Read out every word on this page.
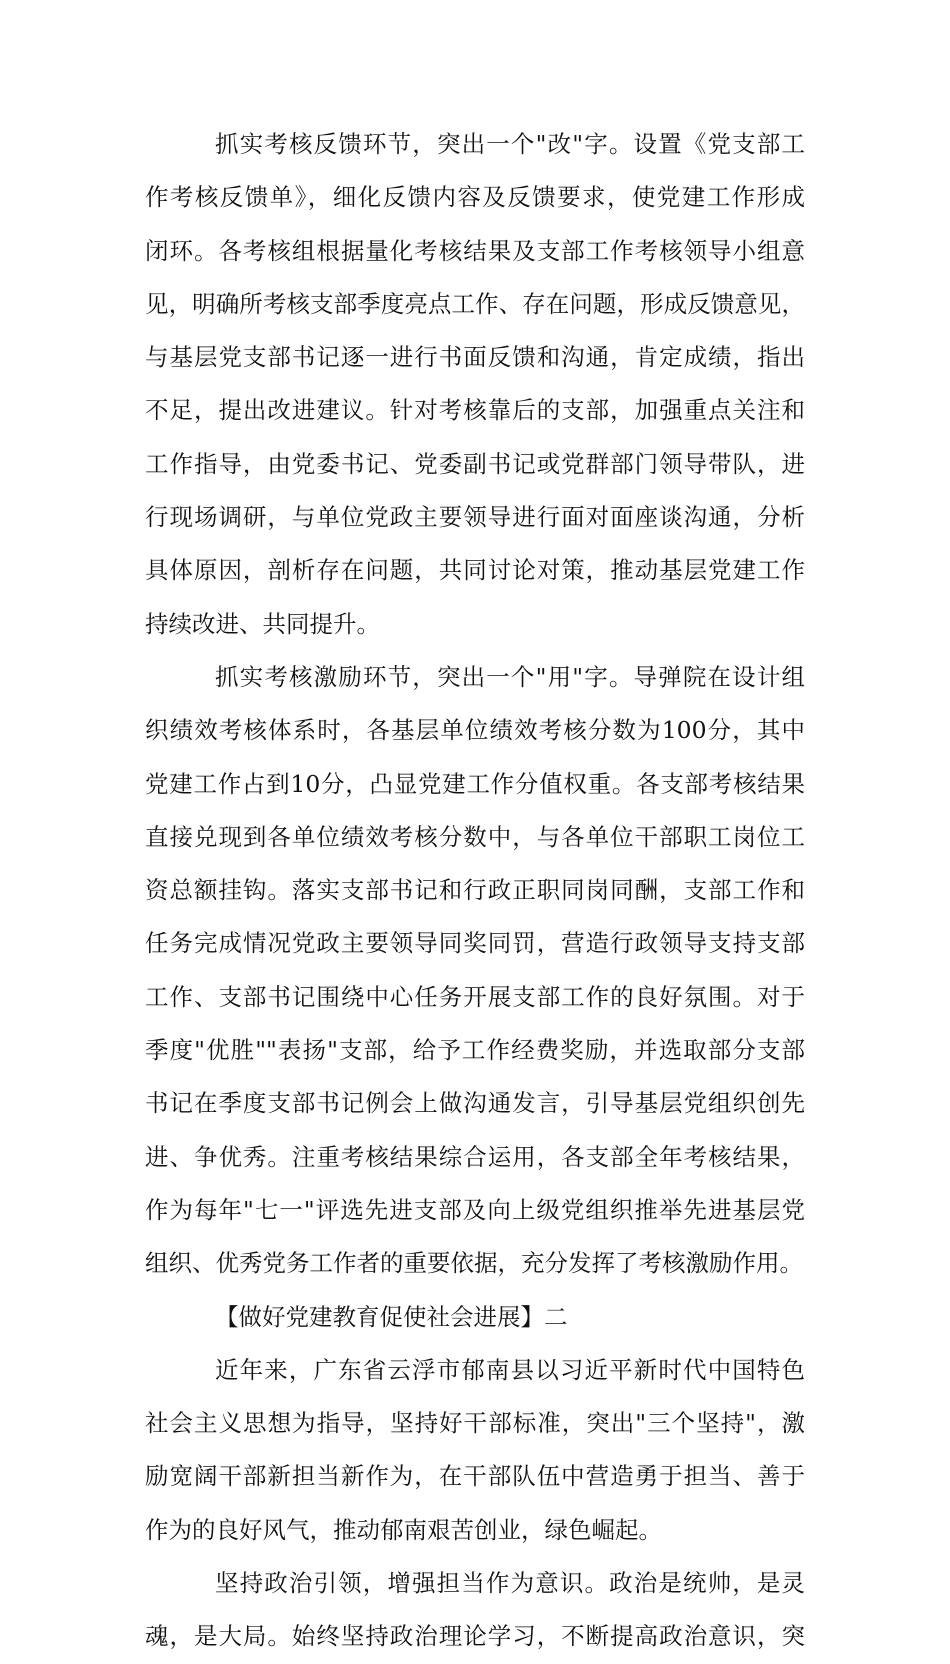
抓实考核反馈环节，突出一个"改"字。设置《党支部工
作考核反馈单》，细化反馈内容及反馈要求，使党建工作形成
闭环。各考核组根据量化考核结果及支部工作考核领导小组意
见，明确所考核支部季度亮点工作、存在问题，形成反馈意见，
与基层党支部书记逐一进行书面反馈和沟通，肯定成绩，指出
不足，提出改进建议。针对考核靠后的支部，加强重点关注和
工作指导，由党委书记、党委副书记或党群部门领导带队，进
行现场调研，与单位党政主要领导进行面对面座谈沟通，分析
具体原因，剖析存在问题，共同讨论对策，推动基层党建工作
持续改进、共同提升。
抓实考核激励环节，突出一个"用"字。导弹院在设计组
织绩效考核体系时，各基层单位绩效考核分数为100分，其中
党建工作占到10分，凸显党建工作分值权重。各支部考核结果
直接兑现到各单位绩效考核分数中，与各单位干部职工岗位工
资总额挂钩。落实支部书记和行政正职同岗同酬，支部工作和
任务完成情况党政主要领导同奖同罚，营造行政领导支持支部
工作、支部书记围绕中心任务开展支部工作的良好氛围。对于
季度"优胜""表扬"支部，给予工作经费奖励，并选取部分支部
书记在季度支部书记例会上做沟通发言，引导基层党组织创先
进、争优秀。注重考核结果综合运用，各支部全年考核结果，
作为每年"七一"评选先进支部及向上级党组织推举先进基层党
组织、优秀党务工作者的重要依据，充分发挥了考核激励作用。
【做好党建教育促使社会进展】二
近年来，广东省云浮市郁南县以习近平新时代中国特色
社会主义思想为指导，坚持好干部标准，突出"三个坚持"，激
励宽阔干部新担当新作为，在干部队伍中营造勇于担当、善于
作为的良好风气，推动郁南艰苦创业，绿色崛起。
坚持政治引领，增强担当作为意识。政治是统帅，是灵
魂，是大局。始终坚持政治理论学习，不断提高政治意识，突
